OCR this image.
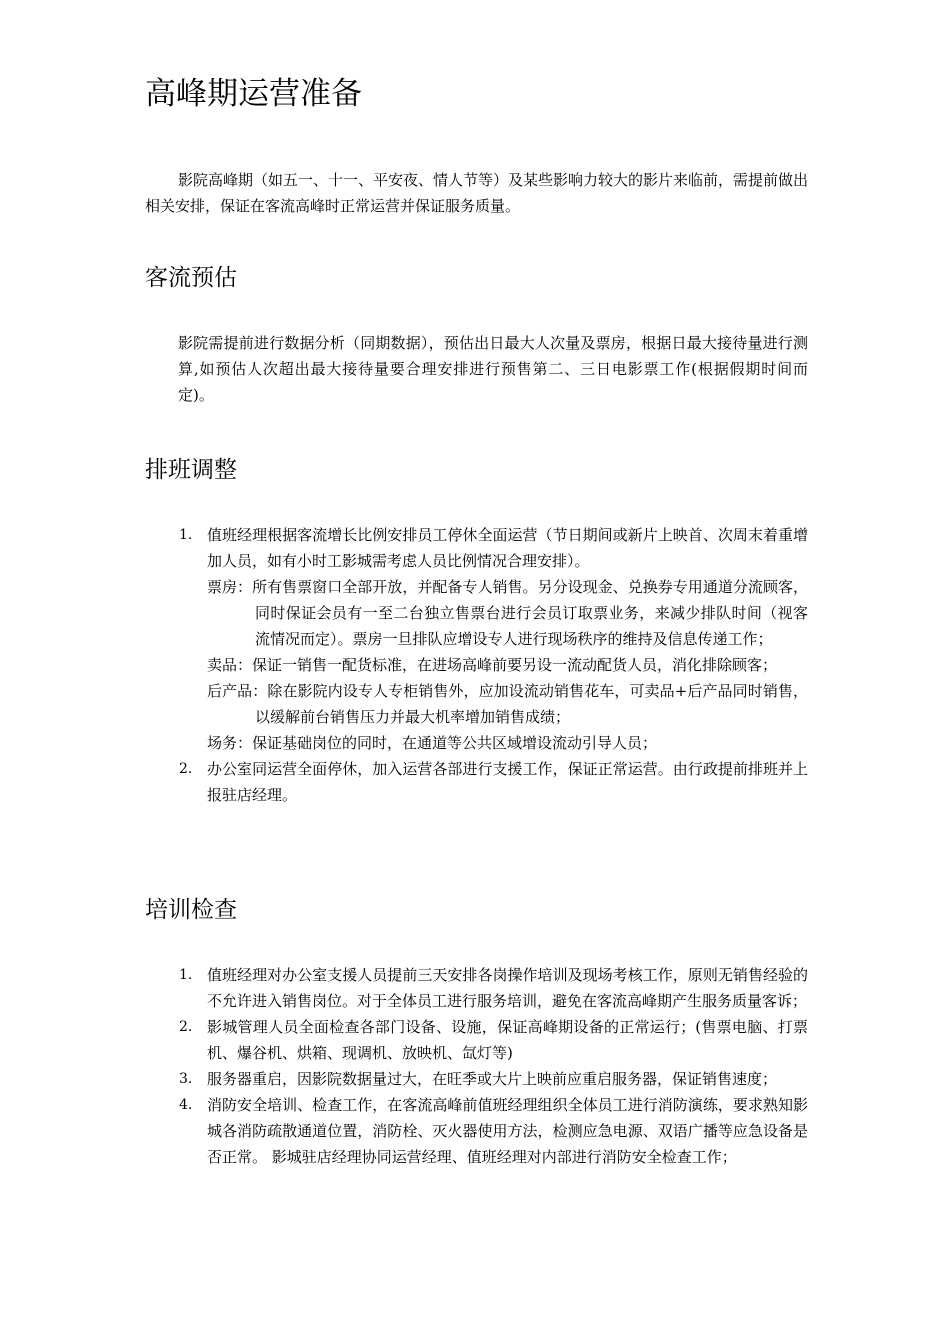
高峰期运营准备

影院高峰期（如五一、十一、平安夜、情人节等）及某些影响力较大的影片来临前，需提前做出相关安排，保证在客流高峰时正常运营并保证服务质量。

客流预估

影院需提前进行数据分析（同期数据），预估出日最大人次量及票房，根据日最大接待量进行测算,如预估人次超出最大接待量要合理安排进行预售第二、三日电影票工作(根据假期时间而定)。

排班调整
1. 值班经理根据客流增长比例安排员工停休全面运营（节日期间或新片上映首、次周末着重增加人员，如有小时工影城需考虑人员比例情况合理安排）。
票房：所有售票窗口全部开放，并配备专人销售。另分设现金、兑换券专用通道分流顾客，同时保证会员有一至二台独立售票台进行会员订取票业务，来减少排队时间（视客流情况而定）。票房一旦排队应增设专人进行现场秩序的维持及信息传递工作；
卖品：保证一销售一配货标准，在进场高峰前要另设一流动配货人员，消化排除顾客；
后产品：除在影院内设专人专柜销售外，应加设流动销售花车，可卖品+后产品同时销售，以缓解前台销售压力并最大机率增加销售成绩；
场务：保证基础岗位的同时，在通道等公共区域增设流动引导人员；
2. 办公室同运营全面停休，加入运营各部进行支援工作，保证正常运营。由行政提前排班并上报驻店经理。
培训检查
1. 值班经理对办公室支援人员提前三天安排各岗操作培训及现场考核工作，原则无销售经验的不允许进入销售岗位。对于全体员工进行服务培训，避免在客流高峰期产生服务质量客诉；
2. 影城管理人员全面检查各部门设备、设施，保证高峰期设备的正常运行；(售票电脑、打票机、爆谷机、烘箱、现调机、放映机、氙灯等)
3. 服务器重启，因影院数据量过大，在旺季或大片上映前应重启服务器，保证销售速度；
4. 消防安全培训、检查工作，在客流高峰前值班经理组织全体员工进行消防演练，要求熟知影城各消防疏散通道位置，消防栓、灭火器使用方法，检测应急电源、双语广播等应急设备是否正常。 影城驻店经理协同运营经理、值班经理对内部进行消防安全检查工作；
